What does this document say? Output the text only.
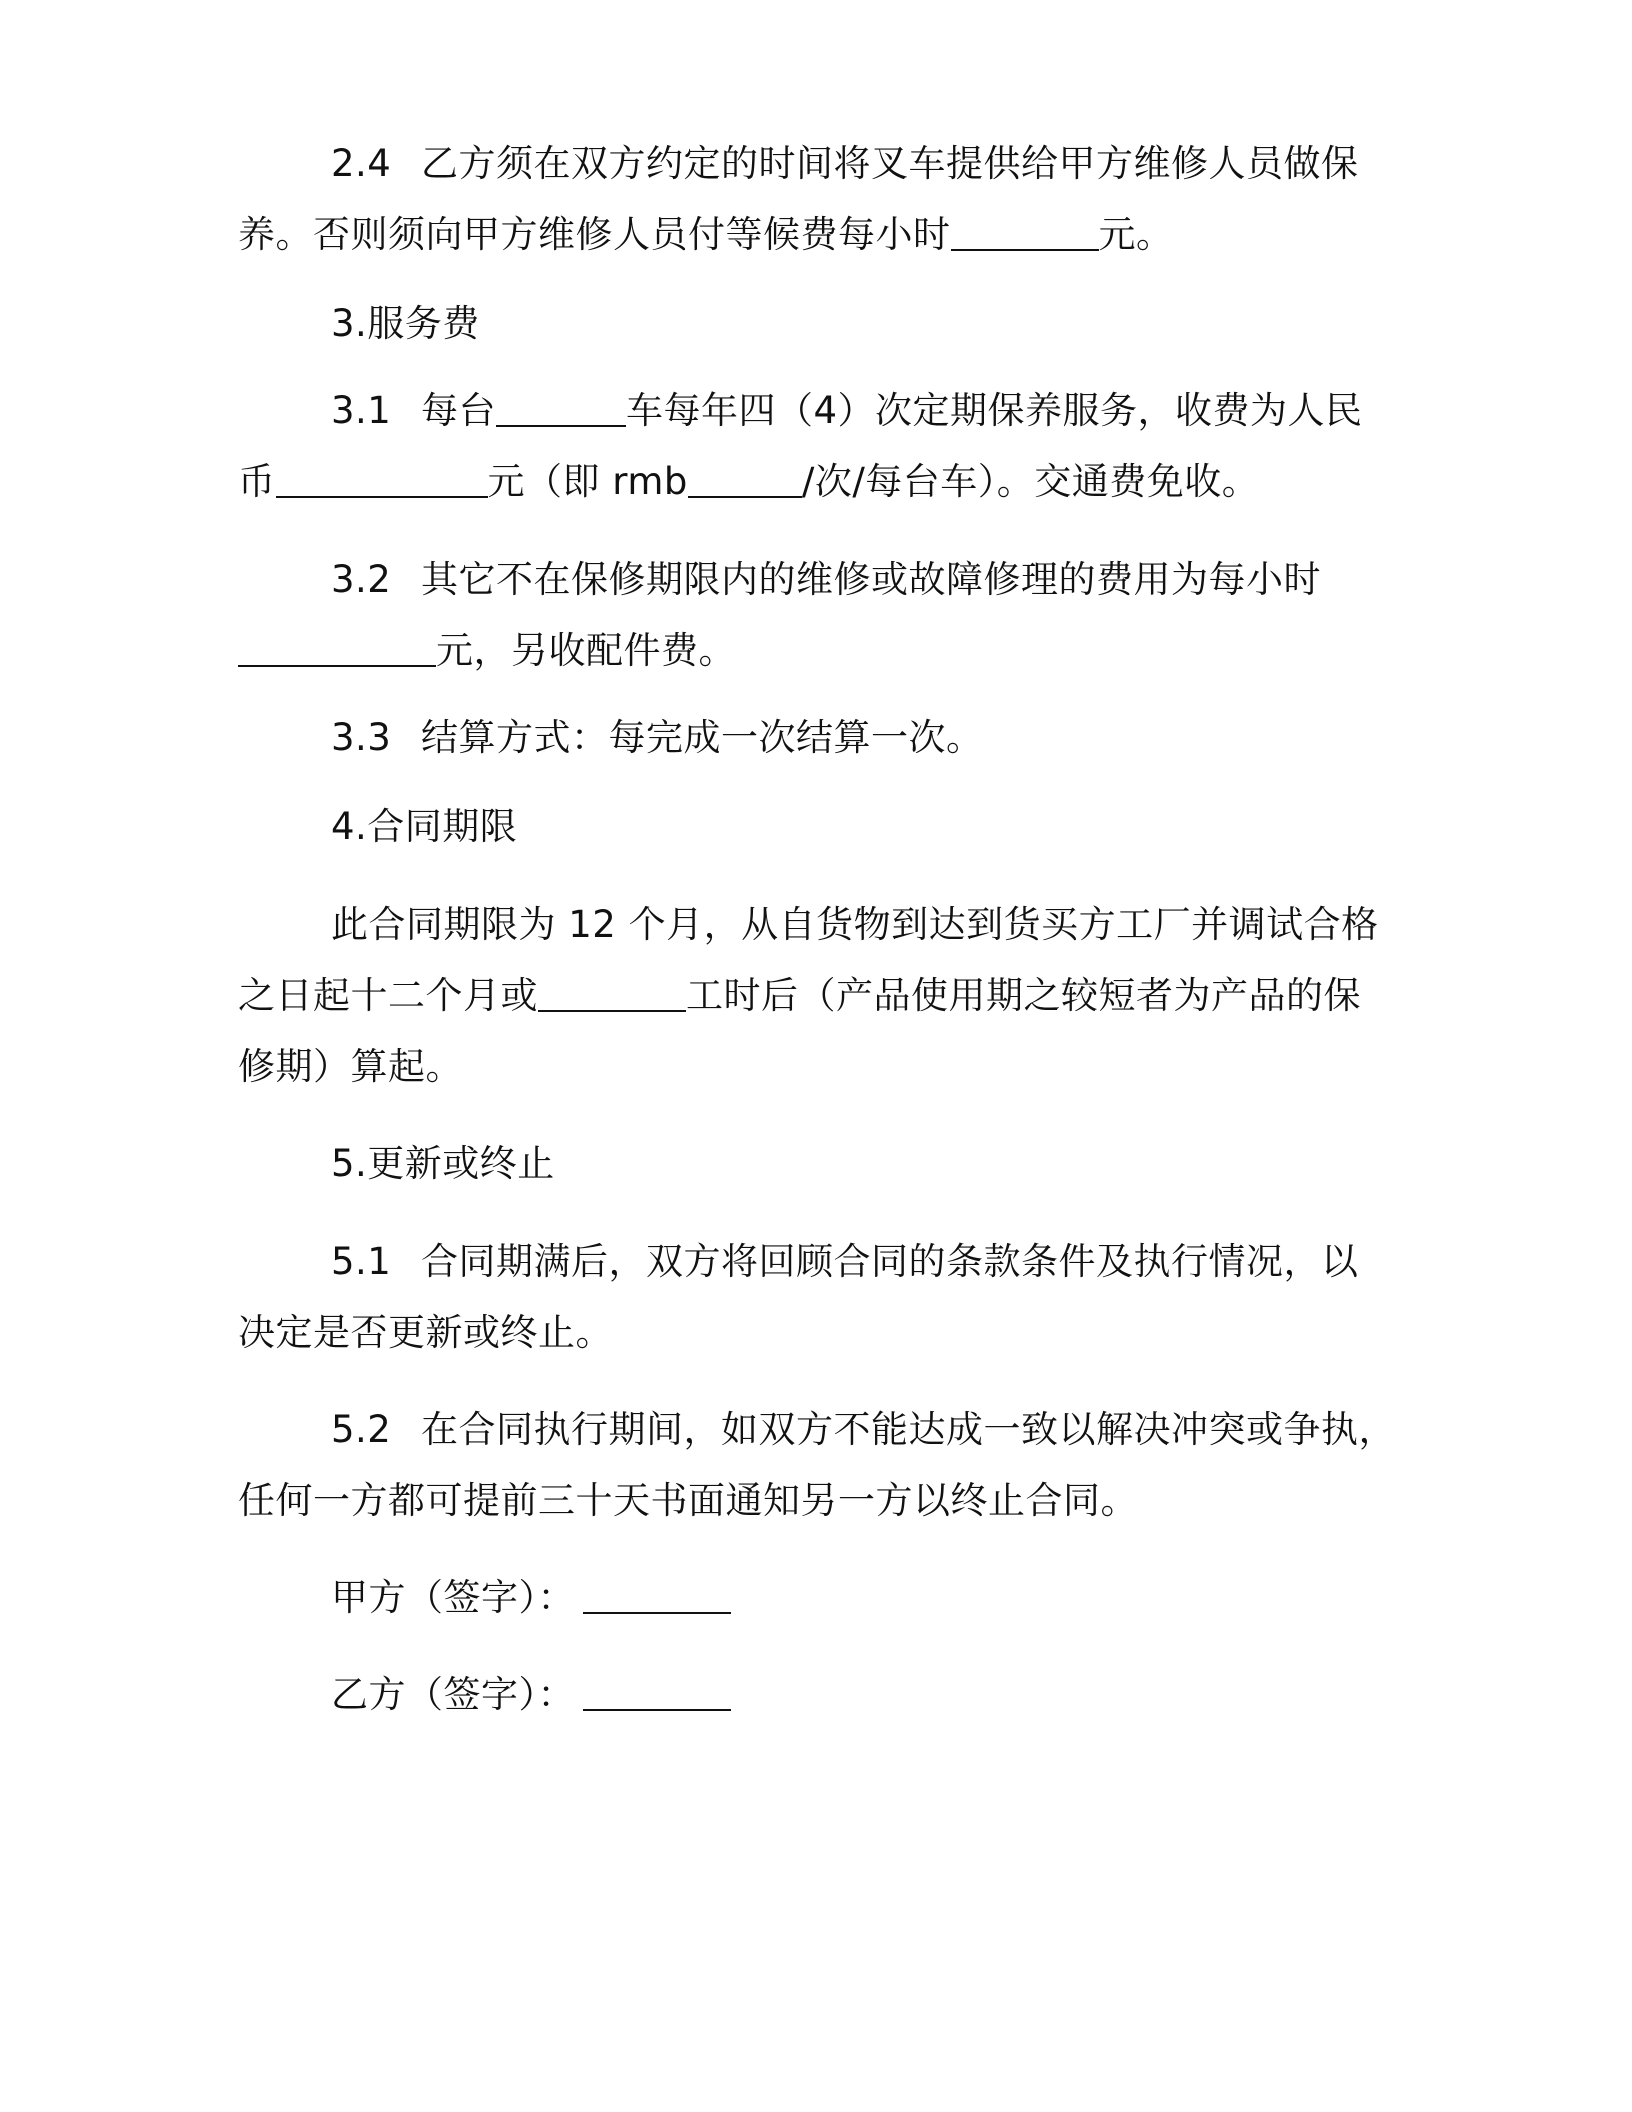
2.4 乙方须在双方约定的时间将叉车提供给甲方维修人员做保
养。否则须向甲方维修人员付等候费每小时	元。
3.服务费
3.1 每台	车每年四（4）次定期保养服务，收费为人民
币	元（即 rmb	/次/每台车）。交通费免收。
3.2 其它不在保修期限内的维修或故障修理的费用为每小时
元，另收配件费。
3.3 结算方式：每完成一次结算一次。
4.合同期限
此合同期限为 12 个月，从自货物到达到货买方工厂并调试合格
之日起十二个月或	工时后（产品使用期之较短者为产品的保
修期）算起。
5.更新或终止
5.1 合同期满后，双方将回顾合同的条款条件及执行情况，以
决定是否更新或终止。
5.2 在合同执行期间，如双方不能达成一致以解决冲突或争执，
任何一方都可提前三十天书面通知另一方以终止合同。
甲方（签字）：
乙方（签字）：
